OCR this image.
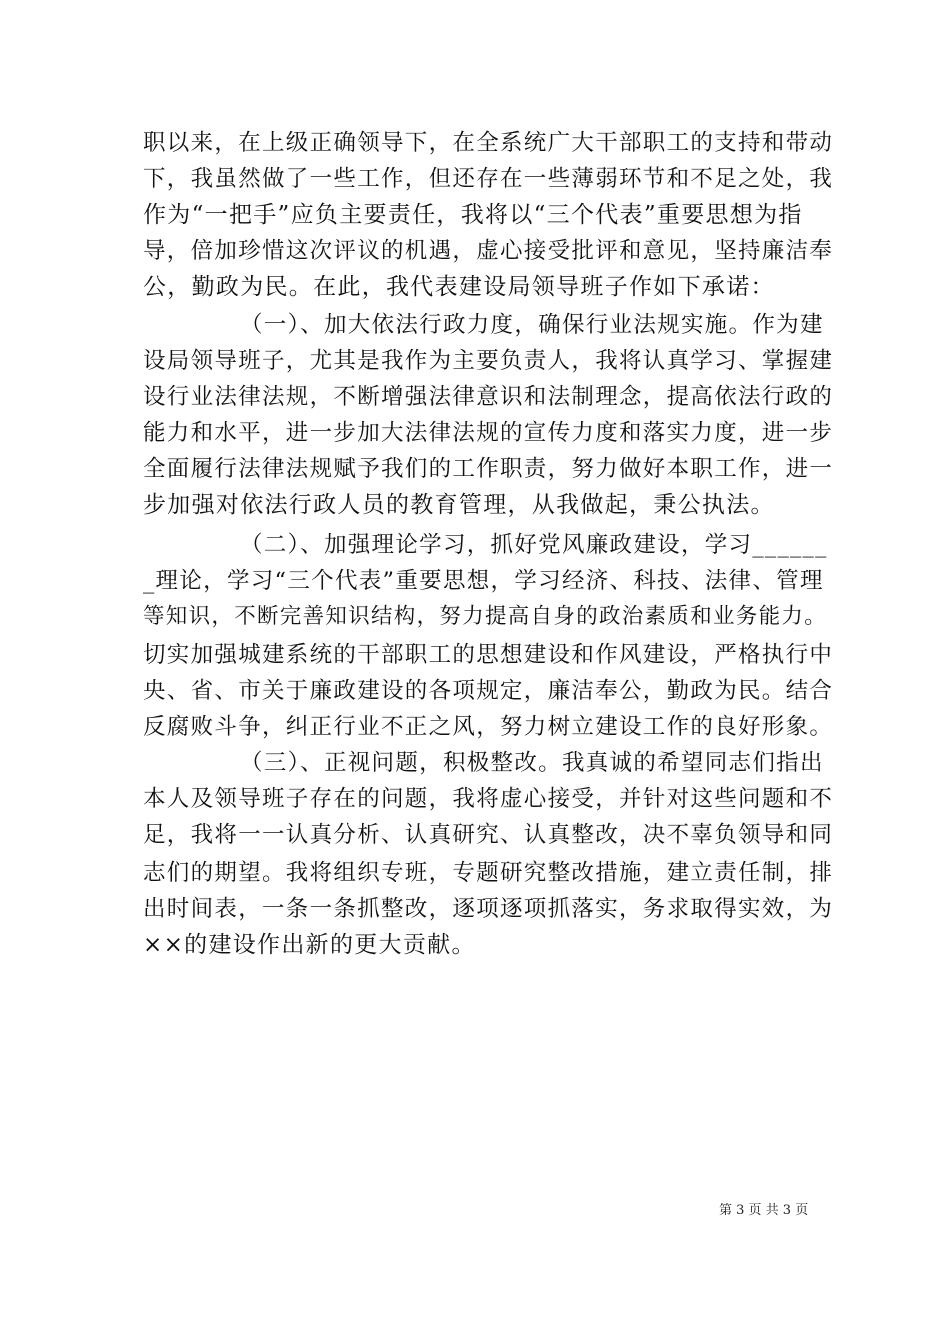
职以来，在上级正确领导下，在全系统广大干部职工的支持和带动
下，我虽然做了一些工作，但还存在一些薄弱环节和不足之处，我
作为“一把手”应负主要责任，我将以“三个代表”重要思想为指
导，倍加珍惜这次评议的机遇，虚心接受批评和意见，坚持廉洁奉
公，勤政为民。在此，我代表建设局领导班子作如下承诺：
（一）、加大依法行政力度，确保行业法规实施。作为建
设局领导班子，尤其是我作为主要负责人，我将认真学习、掌握建
设行业法律法规，不断增强法律意识和法制理念，提高依法行政的
能力和水平，进一步加大法律法规的宣传力度和落实力度，进一步
全面履行法律法规赋予我们的工作职责，努力做好本职工作，进一
步加强对依法行政人员的教育管理，从我做起，秉公执法。
（二）、加强理论学习，抓好党风廉政建设，学习______
_理论，学习“三个代表”重要思想，学习经济、科技、法律、管理
等知识，不断完善知识结构，努力提高自身的政治素质和业务能力。
切实加强城建系统的干部职工的思想建设和作风建设，严格执行中
央、省、市关于廉政建设的各项规定，廉洁奉公，勤政为民。结合
反腐败斗争，纠正行业不正之风，努力树立建设工作的良好形象。
（三）、正视问题，积极整改。我真诚的希望同志们指出
本人及领导班子存在的问题，我将虚心接受，并针对这些问题和不
足，我将一一认真分析、认真研究、认真整改，决不辜负领导和同
志们的期望。我将组织专班，专题研究整改措施，建立责任制，排
出时间表，一条一条抓整改，逐项逐项抓落实，务求取得实效，为
××的建设作出新的更大贡献。
第 3 页 共 3 页
